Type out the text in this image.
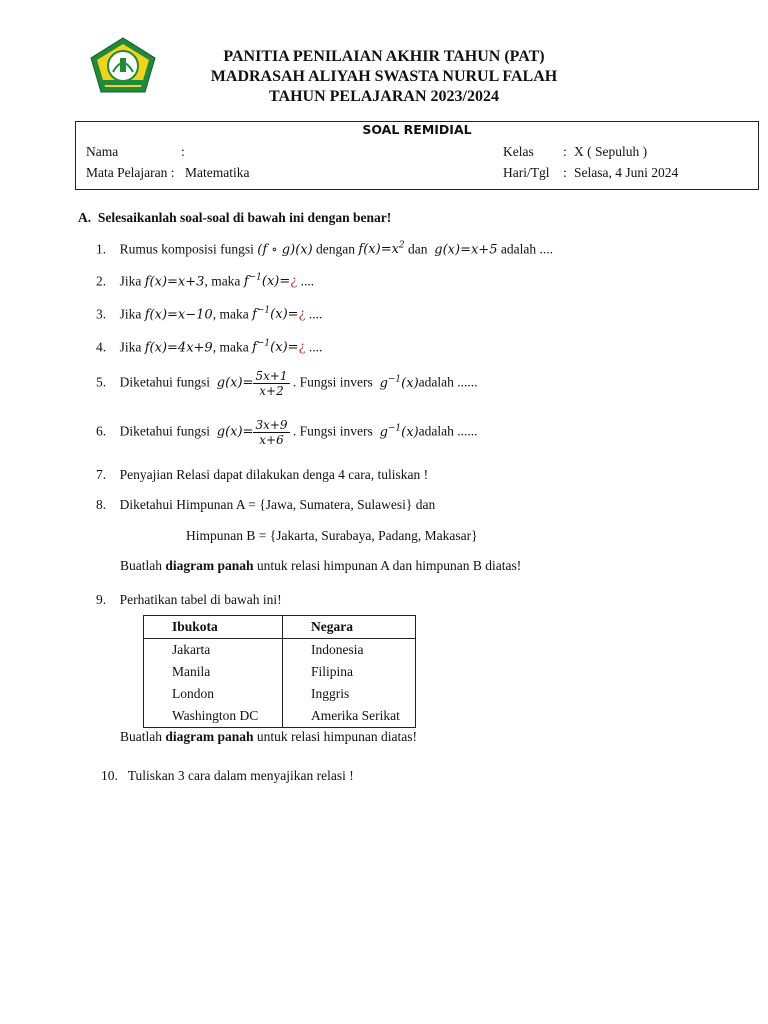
PANITIA PENILAIAN AKHIR TAHUN (PAT)
MADRASAH ALIYAH SWASTA NURUL FALAH
TAHUN PELAJARAN 2023/2024
SOAL REMIDIAL
Nama	:
Mata Pelajaran : Matematika
Kelas : X ( Sepuluh )
Hari/Tgl : Selasa, 4 Juni 2024
A. Selesaikanlah soal-soal di bawah ini dengan benar!
1. Rumus komposisi fungsi (f ∘ g)(x) dengan $f(x)=x^2$ dan g(x)=x+5 adalah ....
2. Jika f(x)=x+3, maka $f^{-1}(x)=¿$ ....
3. Jika f(x)=x−10, maka $f^{-1}(x)=¿$ ....
4. Jika f(x)=4x+9, maka $f^{-1}(x)=¿$ ....
5. Diketahui fungsi $g(x)= \frac{5x+1}{x+2}$ . Fungsi invers $g^{-1}(x)adalah$ ......
6. Diketahui fungsi $g(x)= \frac{3x+9}{x+6}$ . Fungsi invers $g^{-1}(x)adalah$ ......
7. Penyajian Relasi dapat dilakukan denga 4 cara, tuliskan !
8. Diketahui Himpunan A = {Jawa, Sumatera, Sulawesi} dan
Himpunan B = {Jakarta, Surabaya, Padang, Makasar}
Buatlah diagram panah untuk relasi himpunan A dan himpunan B diatas!
9. Perhatikan tabel di bawah ini!
Ibukota	Negara
Jakarta	Indonesia
Manila	Filipina
London	Inggris
Washington DC	Amerika Serikat
Buatlah diagram panah untuk relasi himpunan diatas!
10. Tuliskan 3 cara dalam menyajikan relasi !
